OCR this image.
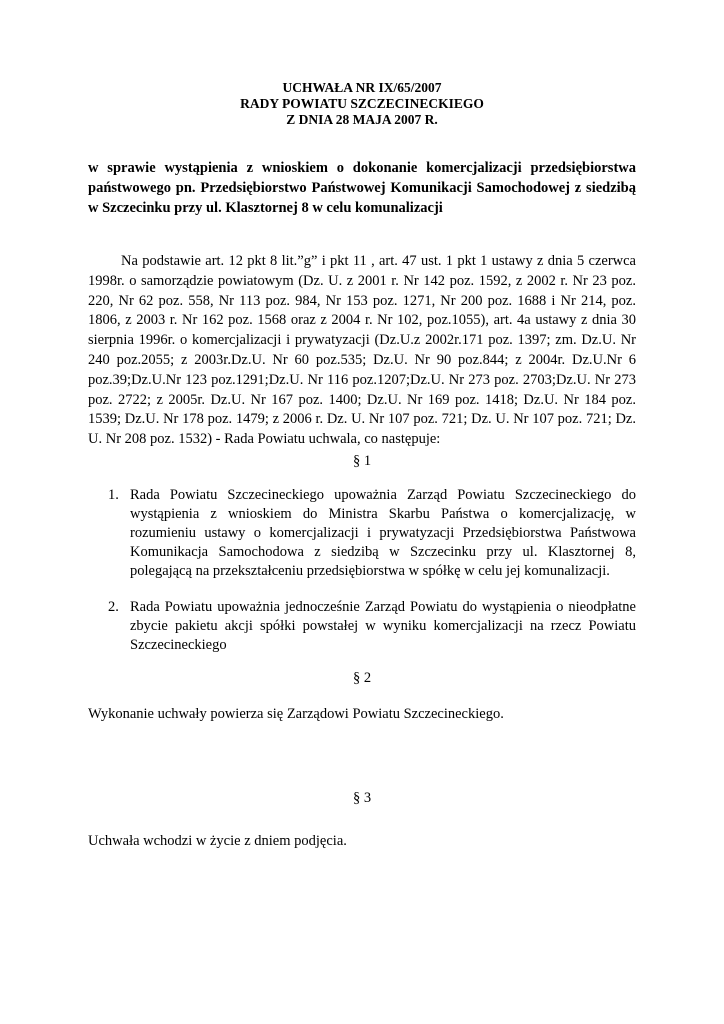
UCHWAŁA NR IX/65/2007
RADY POWIATU SZCZECINECKIEGO
Z DNIA 28 MAJA 2007 R.
w sprawie wystąpienia z wnioskiem o dokonanie komercjalizacji przedsiębiorstwa państwowego pn. Przedsiębiorstwo Państwowej Komunikacji Samochodowej z siedzibą w Szczecinku przy ul. Klasztornej 8 w celu komunalizacji
Na podstawie art. 12 pkt 8 lit.”g” i pkt 11 , art. 47 ust. 1 pkt 1 ustawy z dnia 5 czerwca 1998r. o samorządzie powiatowym (Dz. U. z 2001 r. Nr 142 poz. 1592, z 2002 r. Nr 23 poz. 220, Nr 62 poz. 558, Nr 113 poz. 984, Nr 153 poz. 1271, Nr 200 poz. 1688 i Nr 214, poz. 1806, z 2003 r. Nr 162 poz. 1568 oraz z 2004 r. Nr 102, poz.1055), art. 4a ustawy z dnia 30 sierpnia 1996r. o komercjalizacji i prywatyzacji (Dz.U.z 2002r.171 poz. 1397; zm. Dz.U. Nr 240 poz.2055; z 2003r.Dz.U. Nr 60 poz.535; Dz.U. Nr 90 poz.844; z 2004r. Dz.U.Nr 6 poz.39;Dz.U.Nr 123 poz.1291;Dz.U. Nr 116 poz.1207;Dz.U. Nr 273 poz. 2703;Dz.U. Nr 273 poz. 2722; z 2005r. Dz.U. Nr 167 poz. 1400; Dz.U. Nr 169 poz. 1418; Dz.U. Nr 184 poz. 1539; Dz.U. Nr 178 poz. 1479; z 2006 r. Dz. U. Nr 107 poz. 721; Dz. U. Nr 107 poz. 721; Dz. U. Nr 208 poz. 1532) - Rada Powiatu uchwala, co następuje:
§ 1
1. Rada Powiatu Szczecineckiego upoważnia Zarząd Powiatu Szczecineckiego do wystąpienia z wnioskiem do Ministra Skarbu Państwa o komercjalizację, w rozumieniu ustawy o komercjalizacji i prywatyzacji Przedsiębiorstwa Państwowa Komunikacja Samochodowa z siedzibą w Szczecinku przy ul. Klasztornej 8, polegającą na przekształceniu przedsiębiorstwa w spółkę w celu jej komunalizacji.
2. Rada Powiatu upoważnia jednocześnie Zarząd Powiatu do wystąpienia o nieodpłatne zbycie pakietu akcji spółki powstałej w wyniku komercjalizacji na rzecz Powiatu Szczecineckiego
§ 2
Wykonanie uchwały powierza się Zarządowi Powiatu Szczecineckiego.
§ 3
Uchwała wchodzi w życie z dniem podjęcia.
